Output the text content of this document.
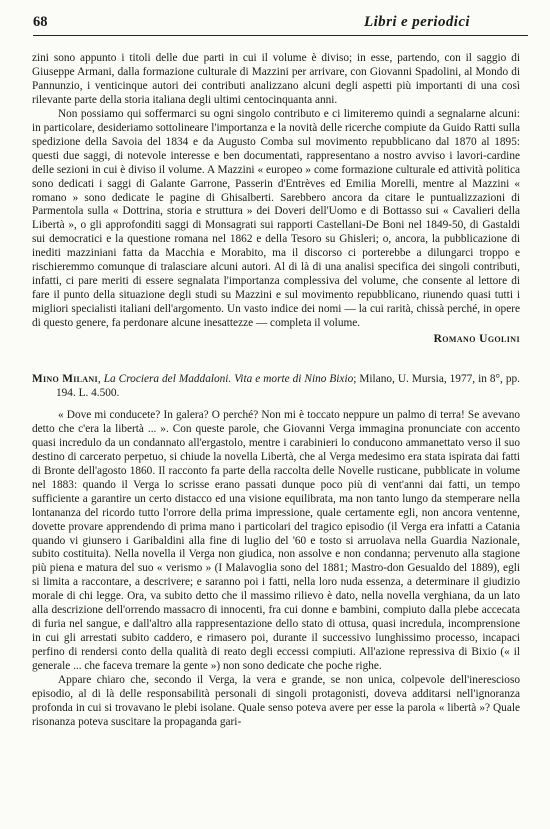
68	Libri e periodici

zini sono appunto i titoli delle due parti in cui il volume è diviso; in esse, partendo, con il saggio di Giuseppe Armani, dalla formazione culturale di Mazzini per arrivare, con Giovanni Spadolini, al Mondo di Pannunzio, i venticinque autori dei contributi analizzano alcuni degli aspetti più importanti di una così rilevante parte della storia italiana degli ultimi centocinquanta anni.

Non possiamo qui soffermarci su ogni singolo contributo e ci limiteremo quindi a segnalarne alcuni: in particolare, desideriamo sottolineare l'importanza e la novità delle ricerche compiute da Guido Ratti sulla spedizione della Savoia del 1834 e da Augusto Comba sul movimento repubblicano dal 1870 al 1895: questi due saggi, di notevole interesse e ben documentati, rappresentano a nostro avviso i lavori-cardine delle sezioni in cui è diviso il volume. A Mazzini « europeo » come formazione culturale ed attività politica sono dedicati i saggi di Galante Garrone, Passerin d'Entrèves ed Emilia Morelli, mentre al Mazzini « romano » sono dedicate le pagine di Ghisalberti. Sarebbero ancora da citare le puntualizzazioni di Parmentola sulla « Dottrina, storia e struttura » dei Doveri dell'Uomo e di Bottasso sui « Cavalieri della Libertà », o gli approfonditi saggi di Monsagrati sui rapporti Castellani-De Boni nel 1849-50, di Gastaldi sui democratici e la questione romana nel 1862 e della Tesoro su Ghisleri; o, ancora, la pubblicazione di inediti mazziniani fatta da Macchia e Morabito, ma il discorso ci porterebbe a dilungarci troppo e rischieremmo comunque di tralasciare alcuni autori. Al di là di una analisi specifica dei singoli contributi, infatti, ci pare meriti di essere segnalata l'importanza complessiva del volume, che consente al lettore di fare il punto della situazione degli studi su Mazzini e sul movimento repubblicano, riunendo quasi tutti i migliori specialisti italiani dell'argomento. Un vasto indice dei nomi — la cui rarità, chissà perché, in opere di questo genere, fa perdonare alcune inesattezze — completa il volume.

Romano Ugolini

Mino Milani, La Crociera del Maddaloni. Vita e morte di Nino Bixio; Milano, U. Mursia, 1977, in 8°, pp. 194. L. 4.500.

« Dove mi conducete? In galera? O perché? Non mi è toccato neppure un palmo di terra! Se avevano detto che c'era la libertà ... ». Con queste parole, che Giovanni Verga immagina pronunciate con accento quasi incredulo da un condannato all'ergastolo, mentre i carabinieri lo conducono ammanettato verso il suo destino di carcerato perpetuo, si chiude la novella Libertà, che al Verga medesimo era stata ispirata dai fatti di Bronte dell'agosto 1860. Il racconto fa parte della raccolta delle Novelle rusticane, pubblicate in volume nel 1883: quando il Verga lo scrisse erano passati dunque poco più di vent'anni dai fatti, un tempo sufficiente a garantire un certo distacco ed una visione equilibrata, ma non tanto lungo da stemperare nella lontananza del ricordo tutto l'orrore della prima impressione, quale certamente egli, non ancora ventenne, dovette provare apprendendo di prima mano i particolari del tragico episodio (il Verga era infatti a Catania quando vi giunsero i Garibaldini alla fine di luglio del '60 e tosto si arruolava nella Guardia Nazionale, subito costituita). Nella novella il Verga non giudica, non assolve e non condanna; pervenuto alla stagione più piena e matura del suo « verismo » (I Malavoglia sono del 1881; Mastro-don Gesualdo del 1889), egli si limita a raccontare, a descrivere; e saranno poi i fatti, nella loro nuda essenza, a determinare il giudizio morale di chi legge. Ora, va subito detto che il massimo rilievo è dato, nella novella verghiana, da un lato alla descrizione dell'orrendo massacro di innocenti, fra cui donne e bambini, compiuto dalla plebe accecata di furia nel sangue, e dall'altro alla rappresentazione dello stato di ottusa, quasi incredula, incomprensione in cui gli arrestati subito caddero, e rimasero poi, durante il successivo lunghissimo processo, incapaci perfino di rendersi conto della qualità di reato degli eccessi compiuti. All'azione repressiva di Bixio (« il generale ... che faceva tremare la gente ») non sono dedicate che poche righe.

Appare chiaro che, secondo il Verga, la vera e grande, se non unica, colpevole dell'inerescioso episodio, al di là delle responsabilità personali di singoli protagonisti, doveva additarsi nell'ignoranza profonda in cui si trovavano le plebi isolane. Quale senso poteva avere per esse la parola « libertà »? Quale risonanza poteva suscitare la propaganda gari-
